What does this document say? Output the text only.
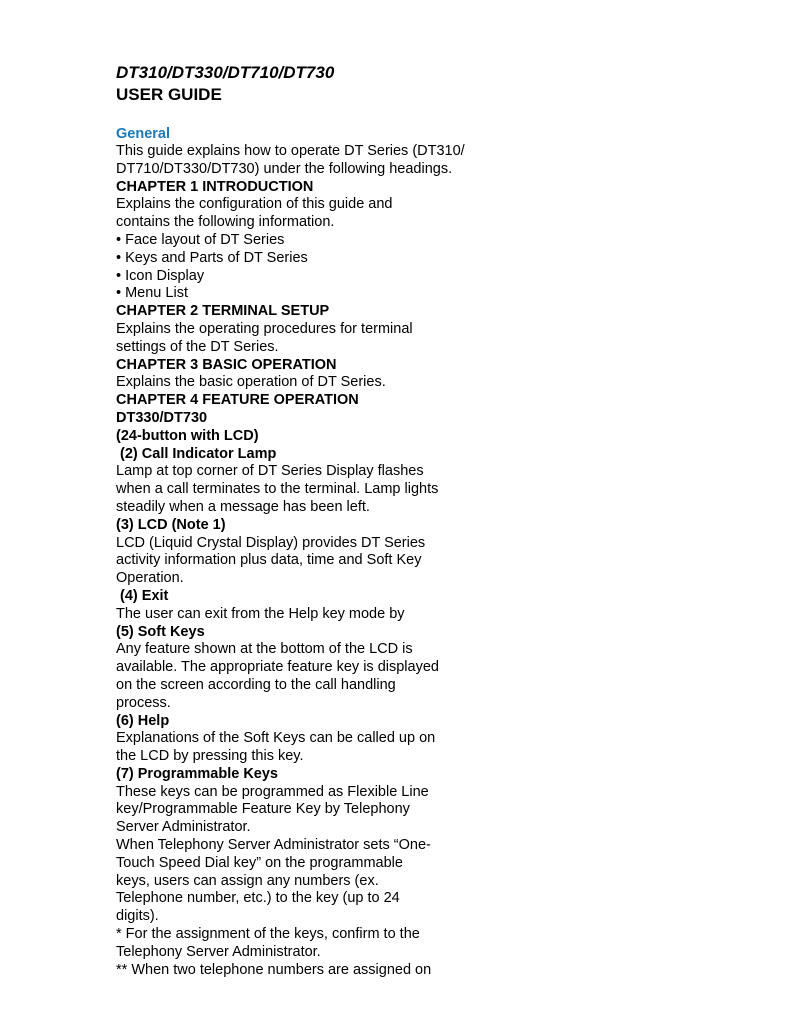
DT310/DT330/DT710/DT730

USER GUIDE

General

This guide explains how to operate DT Series (DT310/

DT710/DT330/DT730) under the following headings.

CHAPTER 1 INTRODUCTION

Explains the configuration of this guide and

contains the following information.

• Face layout of DT Series

• Keys and Parts of DT Series

• Icon Display

• Menu List

CHAPTER 2 TERMINAL SETUP

Explains the operating procedures for terminal

settings of the DT Series.

CHAPTER 3 BASIC OPERATION

Explains the basic operation of DT Series.

CHAPTER 4 FEATURE OPERATION

DT330/DT730

(24-button with LCD)

(2) Call Indicator Lamp

Lamp at top corner of DT Series Display flashes

when a call terminates to the terminal. Lamp lights

steadily when a message has been left.

(3) LCD (Note 1)

LCD (Liquid Crystal Display) provides DT Series

activity information plus data, time and Soft Key

Operation.

(4) Exit

The user can exit from the Help key mode by

(5) Soft Keys

Any feature shown at the bottom of the LCD is

available. The appropriate feature key is displayed

on the screen according to the call handling

process.

(6) Help

Explanations of the Soft Keys can be called up on

the LCD by pressing this key.

(7) Programmable Keys

These keys can be programmed as Flexible Line

key/Programmable Feature Key by Telephony

Server Administrator.

When Telephony Server Administrator sets “One-

Touch Speed Dial key” on the programmable

keys, users can assign any numbers (ex.

Telephone number, etc.) to the key (up to 24

digits).

* For the assignment of the keys, confirm to the

Telephony Server Administrator.

** When two telephone numbers are assigned on
